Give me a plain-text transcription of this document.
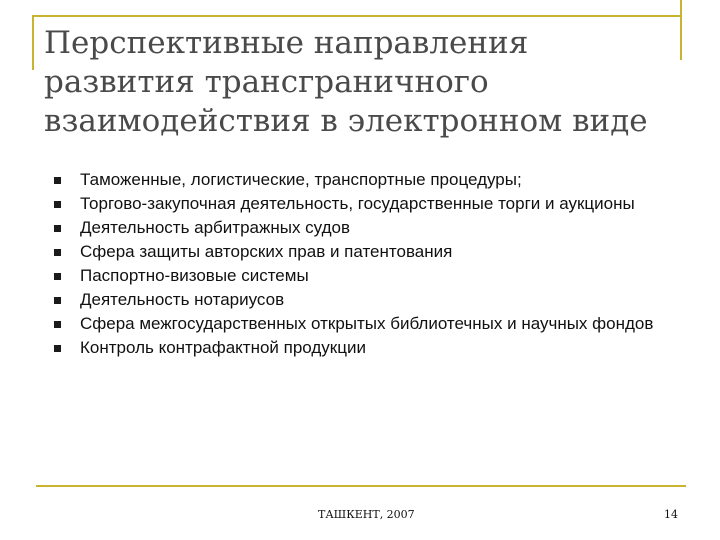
Перспективные направления развития трансграничного взаимодействия в электронном виде
Таможенные, логистические, транспортные процедуры;
Торгово-закупочная деятельность, государственные торги и аукционы
Деятельность арбитражных судов
Сфера защиты авторских прав и патентования
Паспортно-визовые системы
Деятельность нотариусов
Сфера межгосударственных открытых библиотечных и научных фондов
Контроль контрафактной продукции
ТАШКЕНТ, 2007	14
